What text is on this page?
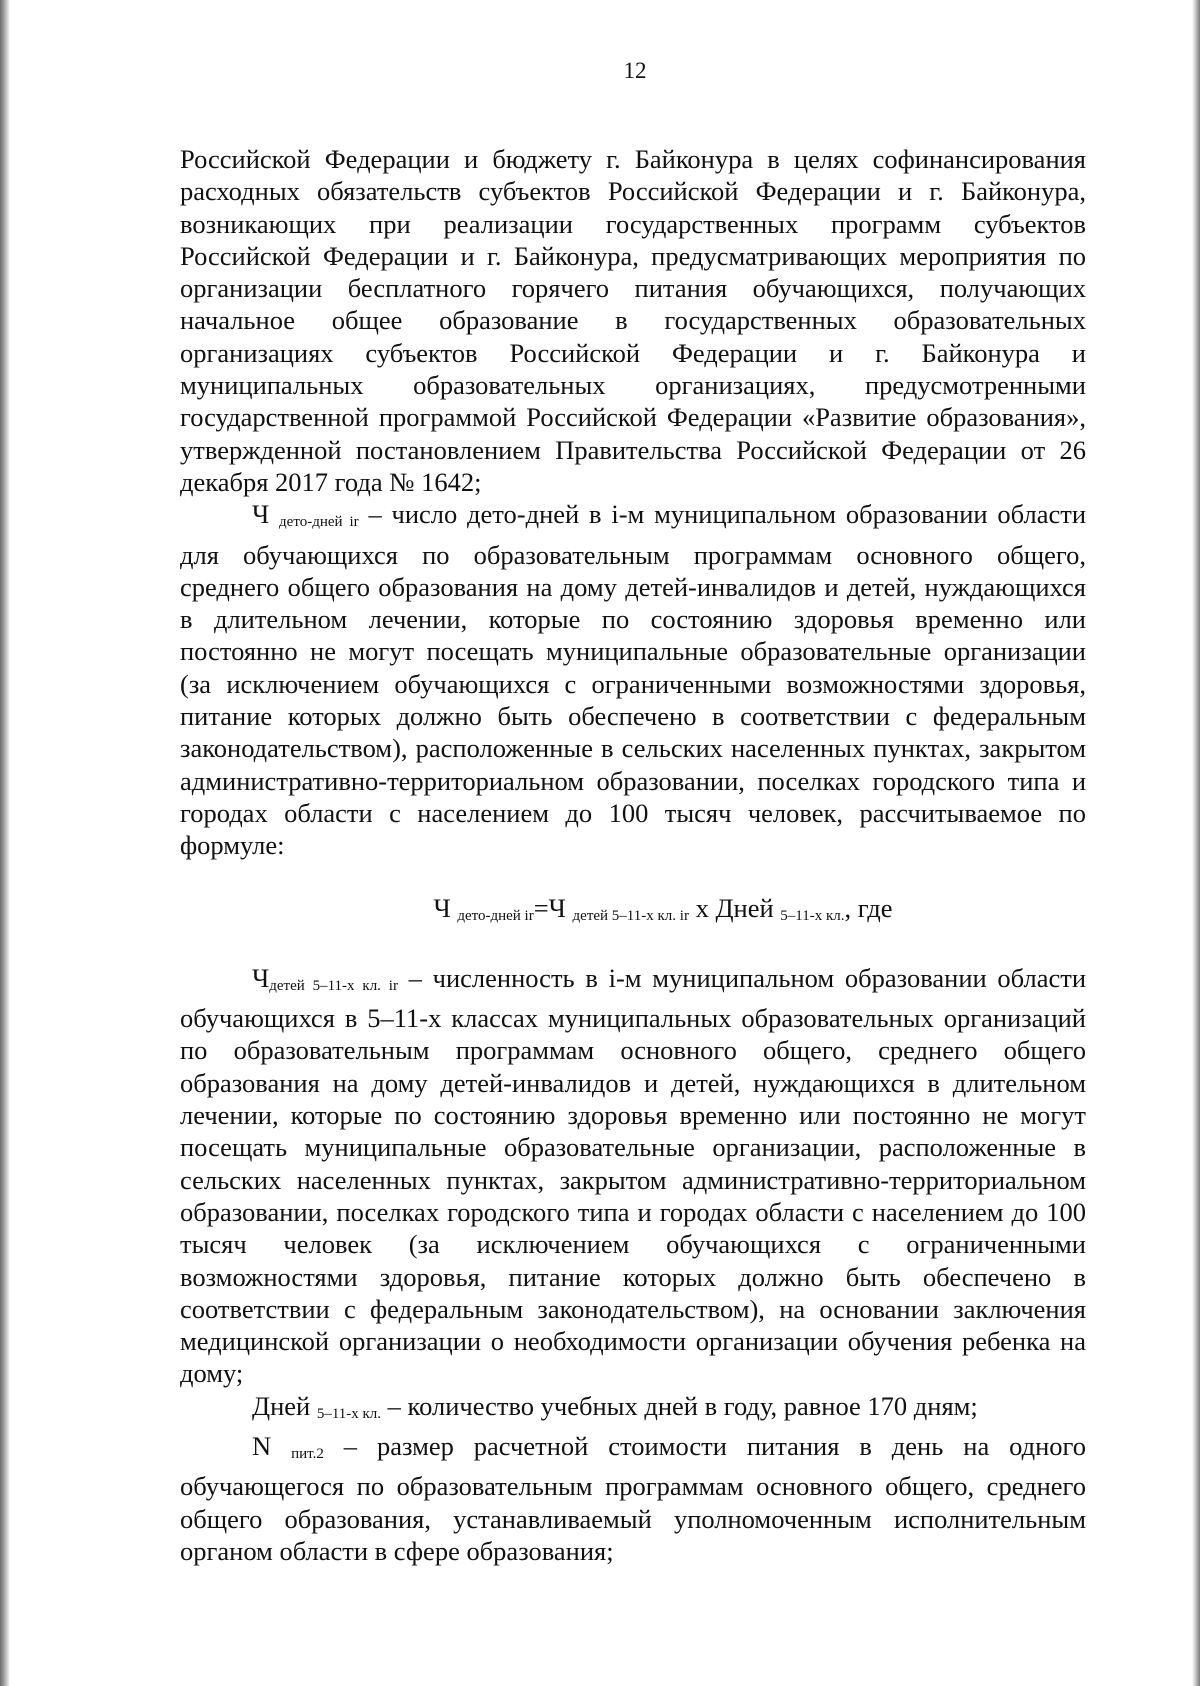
12

Российской Федерации и бюджету г. Байконура в целях софинансирования расходных обязательств субъектов Российской Федерации и г. Байконура, возникающих при реализации государственных программ субъектов Российской Федерации и г. Байконура, предусматривающих мероприятия по организации бесплатного горячего питания обучающихся, получающих начальное общее образование в государственных образовательных организациях субъектов Российской Федерации и г. Байконура и муниципальных образовательных организациях, предусмотренными государственной программой Российской Федерации «Развитие образования», утвержденной постановлением Правительства Российской Федерации от 26 декабря 2017 года № 1642;

Ч $_{дето-дней ir}$ – число дето-дней в i-м муниципальном образовании области для обучающихся по образовательным программам основного общего, среднего общего образования на дому детей-инвалидов и детей, нуждающихся в длительном лечении, которые по состоянию здоровья временно или постоянно не могут посещать муниципальные образовательные организации (за исключением обучающихся с ограниченными возможностями здоровья, питание которых должно быть обеспечено в соответствии с федеральным законодательством), расположенные в сельских населенных пунктах, закрытом административно-территориальном образовании, поселках городского типа и городах области с населением до 100 тысяч человек, рассчитываемое по формуле:

Ч $_{дето-дней ir}$=Ч $_{детей 5-11-х кл. ir}$ x Дней $_{5-11-х кл.}$, где

$Ч_{детей 5-11-х кл. ir}$ – численность в i-м муниципальном образовании области обучающихся в 5–11-х классах муниципальных образовательных организаций по образовательным программам основного общего, среднего общего образования на дому детей-инвалидов и детей, нуждающихся в длительном лечении, которые по состоянию здоровья временно или постоянно не могут посещать муниципальные образовательные организации, расположенные в сельских населенных пунктах, закрытом административно-территориальном образовании, поселках городского типа и городах области с населением до 100 тысяч человек (за исключением обучающихся с ограниченными возможностями здоровья, питание которых должно быть обеспечено в соответствии с федеральным законодательством), на основании заключения медицинской организации о необходимости организации обучения ребенка на дому;

Дней $_{5-11-х кл.}$ – количество учебных дней в году, равное 170 дням;

N $_{пит.2}$ – размер расчетной стоимости питания в день на одного обучающегося по образовательным программам основного общего, среднего общего образования, устанавливаемый уполномоченным исполнительным органом области в сфере образования;
